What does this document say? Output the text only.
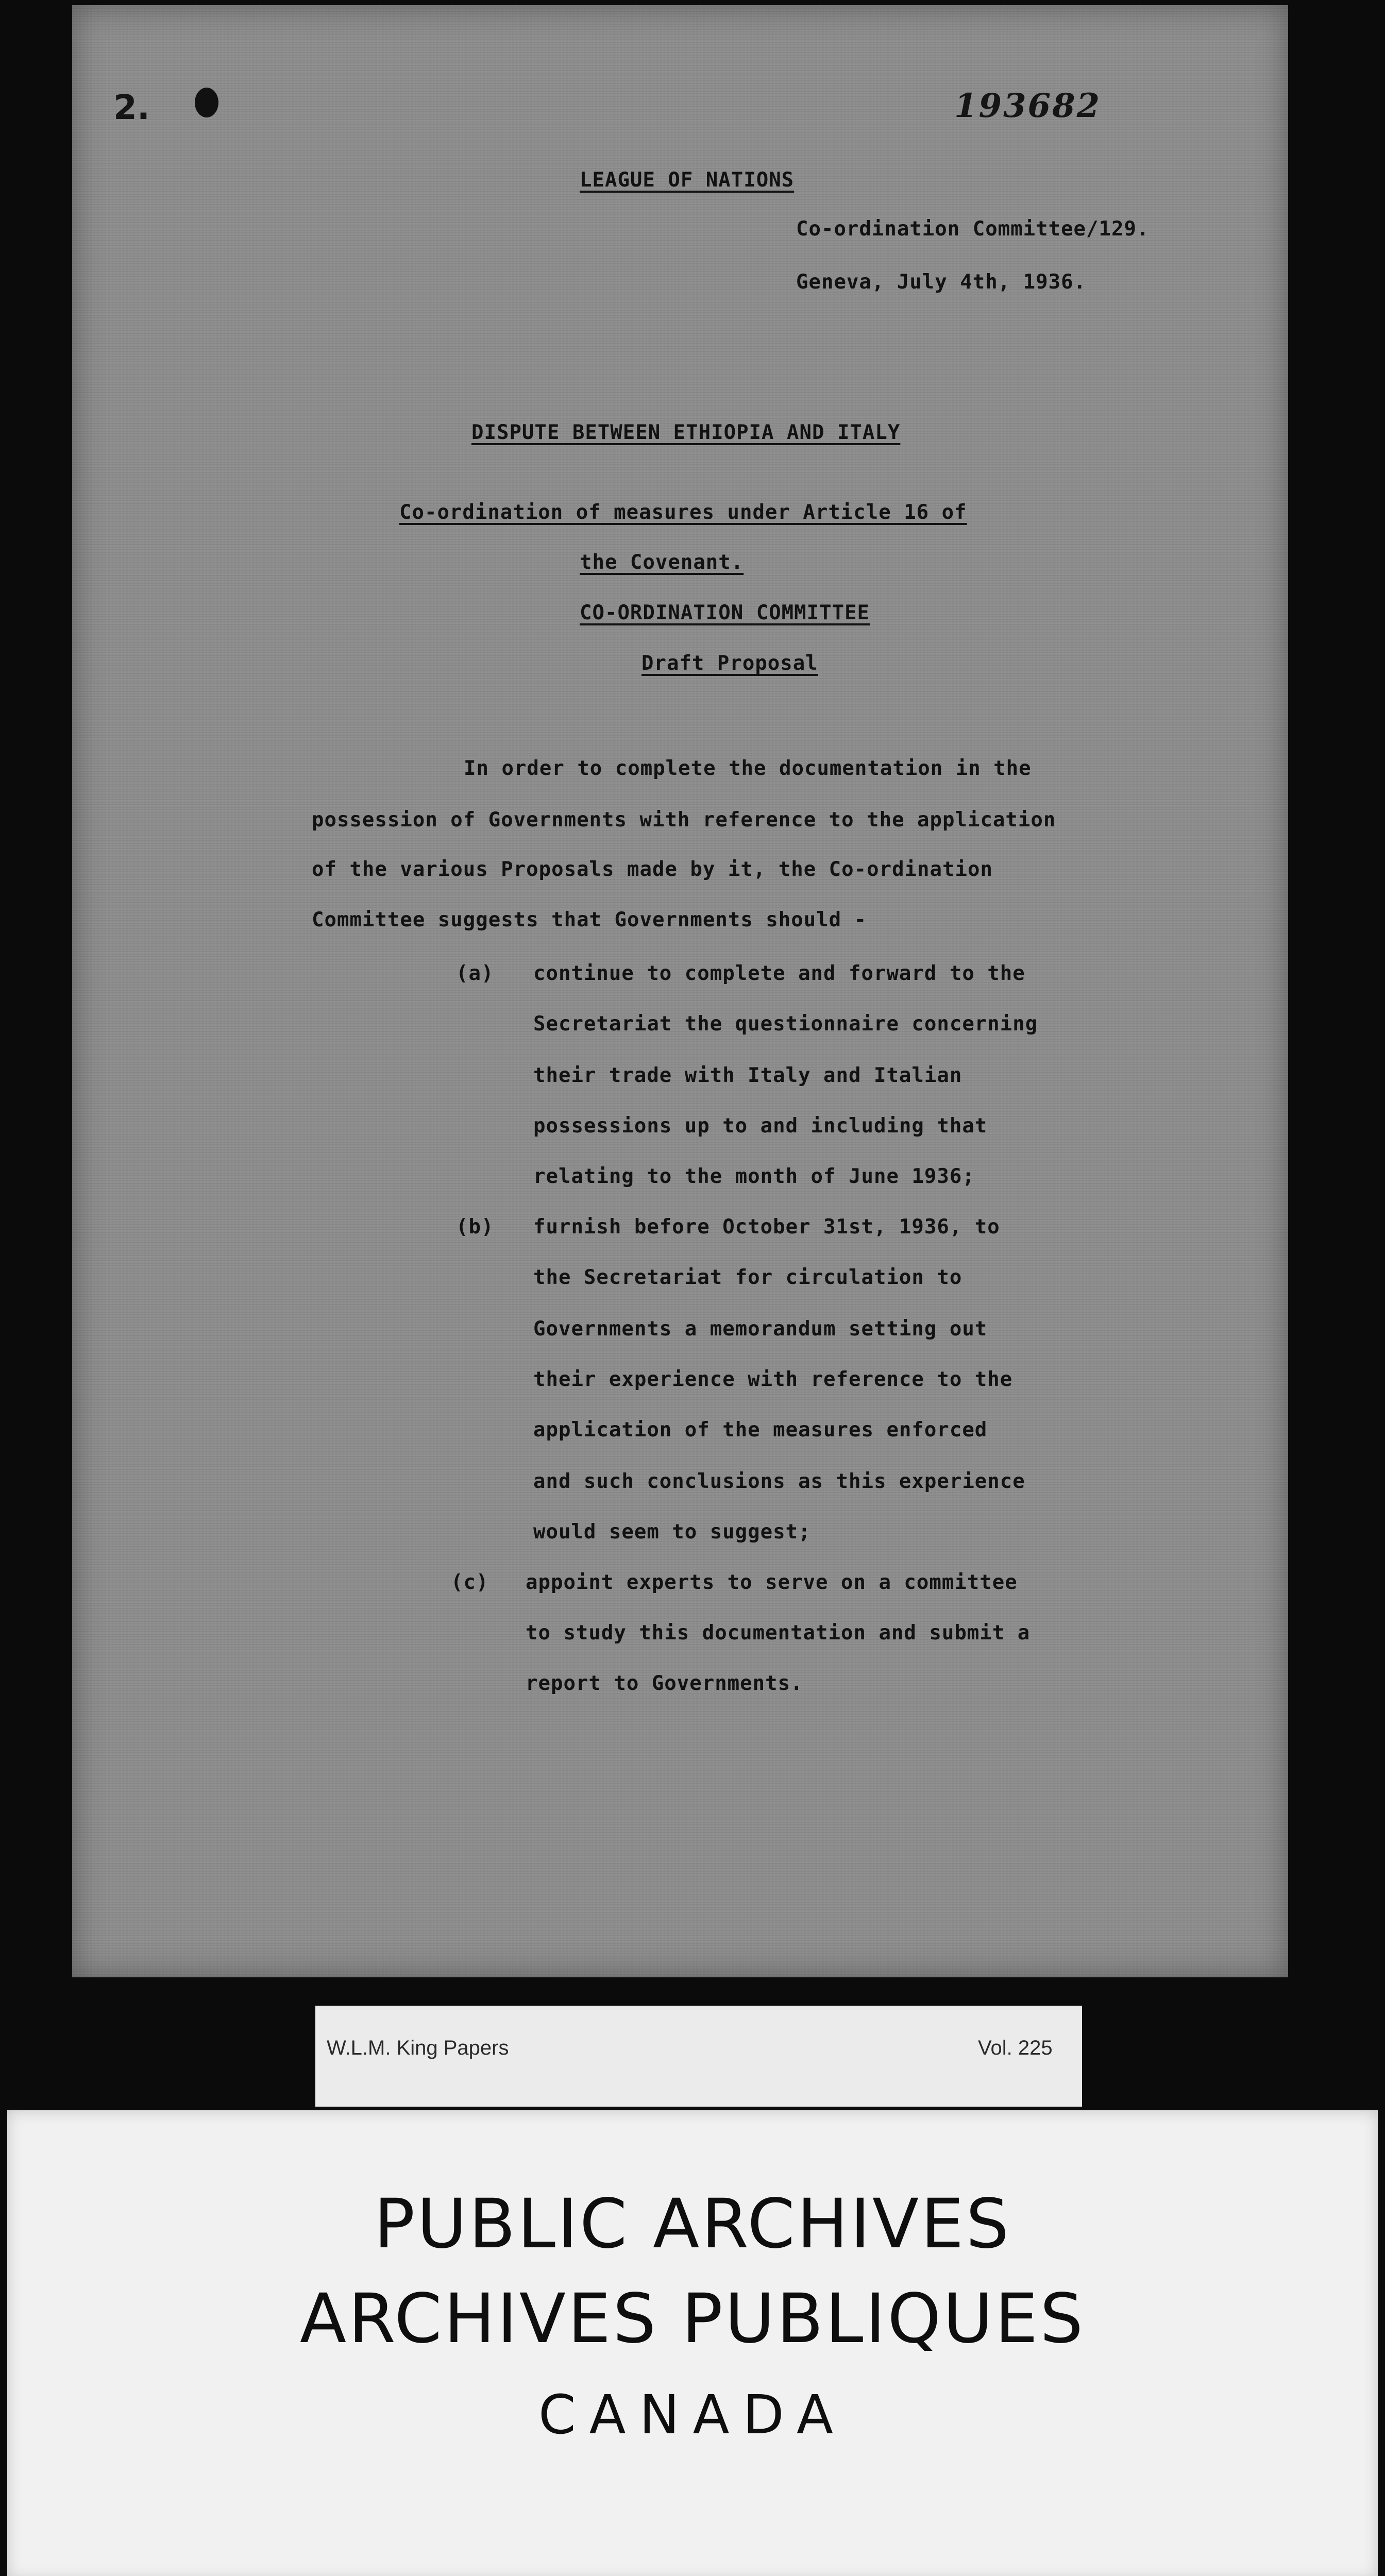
2.	193682
LEAGUE OF NATIONS
Co-ordination Committee/129.
Geneva, July 4th, 1936.
DISPUTE BETWEEN ETHIOPIA AND ITALY
Co-ordination of measures under Article 16 of
the Covenant.
CO-ORDINATION COMMITTEE
Draft Proposal
In order to complete the documentation in the
possession of Governments with reference to the application
of the various Proposals made by it, the Co-ordination
Committee suggests that Governments should -
(a) continue to complete and forward to the
Secretariat the questionnaire concerning
their trade with Italy and Italian
possessions up to and including that
relating to the month of June 1936;
(b) furnish before October 31st, 1936, to
the Secretariat for circulation to
Governments a memorandum setting out
their experience with reference to the
application of the measures enforced
and such conclusions as this experience
would seem to suggest;
(c) appoint experts to serve on a committee
to study this documentation and submit a
report to Governments.
W.L.M. King Papers	Vol. 225
PUBLIC ARCHIVES
ARCHIVES PUBLIQUES
CANADA
